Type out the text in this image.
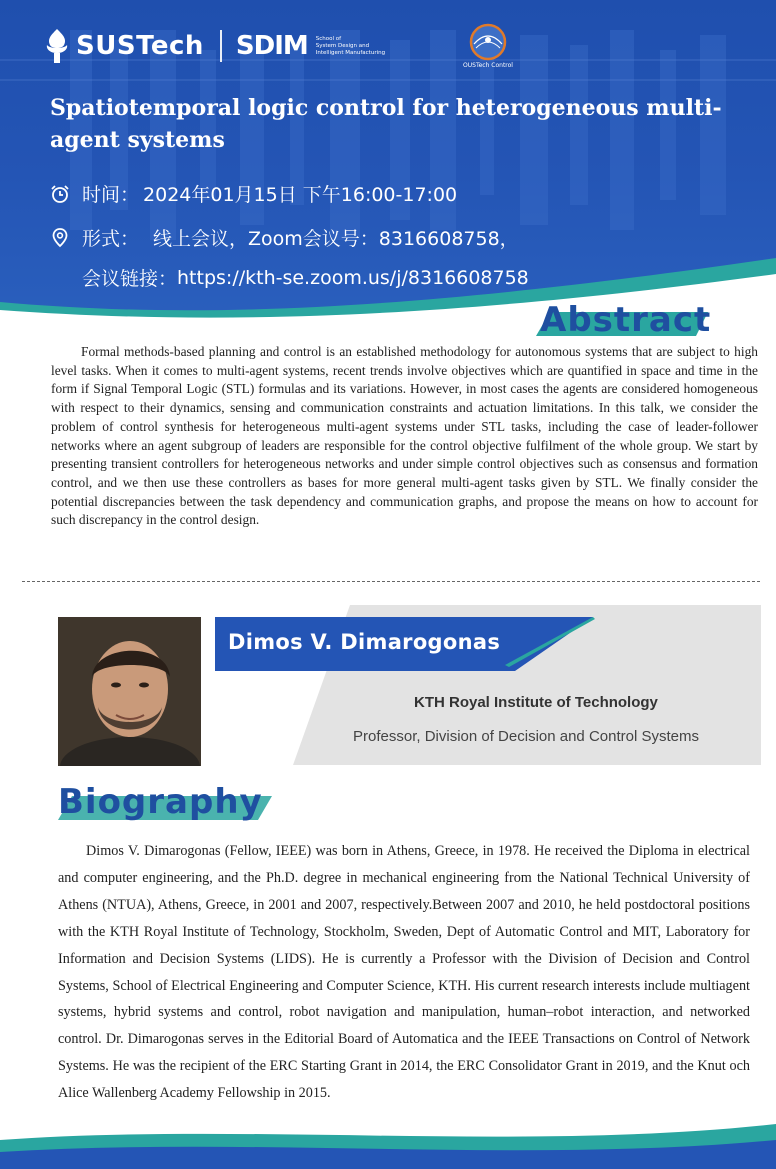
SUSTech SDIM School of
System Design and
Intelligent Manufacturing
OUSTech Control
Spatiotemporal logic control for heterogeneous multi-agent systems
时间： 2024年01月15日 下午16:00-17:00
形式： 线上会议，Zoom会议号：8316608758，
会议链接： https://kth-se.zoom.us/j/8316608758
Abstract

Formal methods-based planning and control is an established methodology for autonomous systems that are subject to high level tasks. When it comes to multi-agent systems, recent trends involve objectives which are quantified in space and time in the form if Signal Temporal Logic (STL) formulas and its variations. However, in most cases the agents are considered homogeneous with respect to their dynamics, sensing and communication constraints and actuation limitations. In this talk, we consider the problem of control synthesis for heterogeneous multi-agent systems under STL tasks, including the case of leader-follower networks where an agent subgroup of leaders are responsible for the control objective fulfilment of the whole group. We start by presenting transient controllers for heterogeneous networks and under simple control objectives such as consensus and formation control, and we then use these controllers as bases for more general multi-agent tasks given by STL. We finally consider the potential discrepancies between the task dependency and communication graphs, and propose the means on how to account for such discrepancy in the control design.

Dimos V. Dimarogonas
KTH Royal Institute of Technology
Professor, Division of Decision and Control Systems
Biography

Dimos V. Dimarogonas (Fellow, IEEE) was born in Athens, Greece, in 1978. He received the Diploma in electrical and computer engineering, and the Ph.D. degree in mechanical engineering from the National Technical University of Athens (NTUA), Athens, Greece, in 2001 and 2007, respectively.Between 2007 and 2010, he held postdoctoral positions with the KTH Royal Institute of Technology, Stockholm, Sweden, Dept of Automatic Control and MIT, Laboratory for Information and Decision Systems (LIDS). He is currently a Professor with the Division of Decision and Control Systems, School of Electrical Engineering and Computer Science, KTH. His current research interests include multiagent systems, hybrid systems and control, robot navigation and manipulation, human–robot interaction, and networked control. Dr. Dimarogonas serves in the Editorial Board of Automatica and the IEEE Transactions on Control of Network Systems. He was the recipient of the ERC Starting Grant in 2014, the ERC Consolidator Grant in 2019, and the Knut och Alice Wallenberg Academy Fellowship in 2015.
